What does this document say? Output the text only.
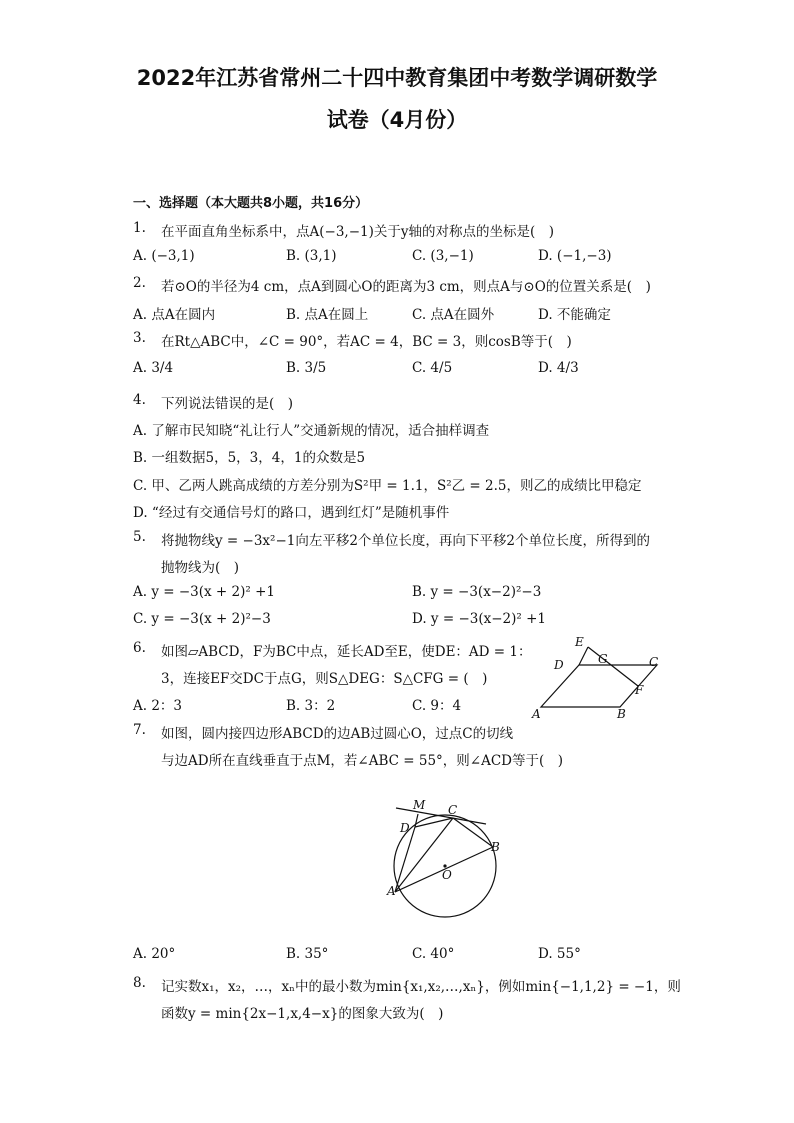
2022年江苏省常州二十四中教育集团中考数学调研数学
试卷（4月份）
一、选择题（本大题共8小题，共16分）
1. 在平面直角坐标系中，点A(−3,−1)关于y轴的对称点的坐标是(　)
A. (−3,1)	B. (3,1)	C. (3,−1)	D. (−1,−3)
2. 若⊙O的半径为4 cm，点A到圆心O的距离为3 cm，则点A与⊙O的位置关系是(　)
A. 点A在圆内	B. 点A在圆上	C. 点A在圆外	D. 不能确定
3. 在Rt△ABC中，∠C = 90°，若AC = 4，BC = 3，则cosB等于(　)
A. 3/4	B. 3/5	C. 4/5	D. 4/3
4. 下列说法错误的是(　)
A. 了解市民知晓“礼让行人”交通新规的情况，适合抽样调查
B. 一组数据5，5，3，4，1的众数是5
C. 甲、乙两人跳高成绩的方差分别为S²甲 = 1.1，S²乙 = 2.5，则乙的成绩比甲稳定
D. “经过有交通信号灯的路口，遇到红灯”是随机事件
5. 将抛物线y = −3x²−1向左平移2个单位长度，再向下平移2个单位长度，所得到的
抛物线为(　)
A. y = −3(x + 2)² +1	B. y = −3(x−2)²−3
C. y = −3(x + 2)²−3	D. y = −3(x−2)² +1
6. 如图▱ABCD，F为BC中点，延长AD至E，使DE：AD = 1：
3，连接EF交DC于点G，则S△DEG：S△CFG = (　)
A. 2：3	B. 3：2	C. 9：4
E
D	G	C
F
A	B
7. 如图，圆内接四边形ABCD的边AB过圆心O，过点C的切线
与边AD所在直线垂直于点M，若∠ABC = 55°，则∠ACD等于(　)
M C
D
B
O
A
A. 20°	B. 35°	C. 40°	D. 55°
8. 记实数x₁，x₂，…，xₙ中的最小数为min{x₁,x₂,…,xₙ}，例如min{−1,1,2} = −1，则
函数y = min{2x−1,x,4−x}的图象大致为(　)
